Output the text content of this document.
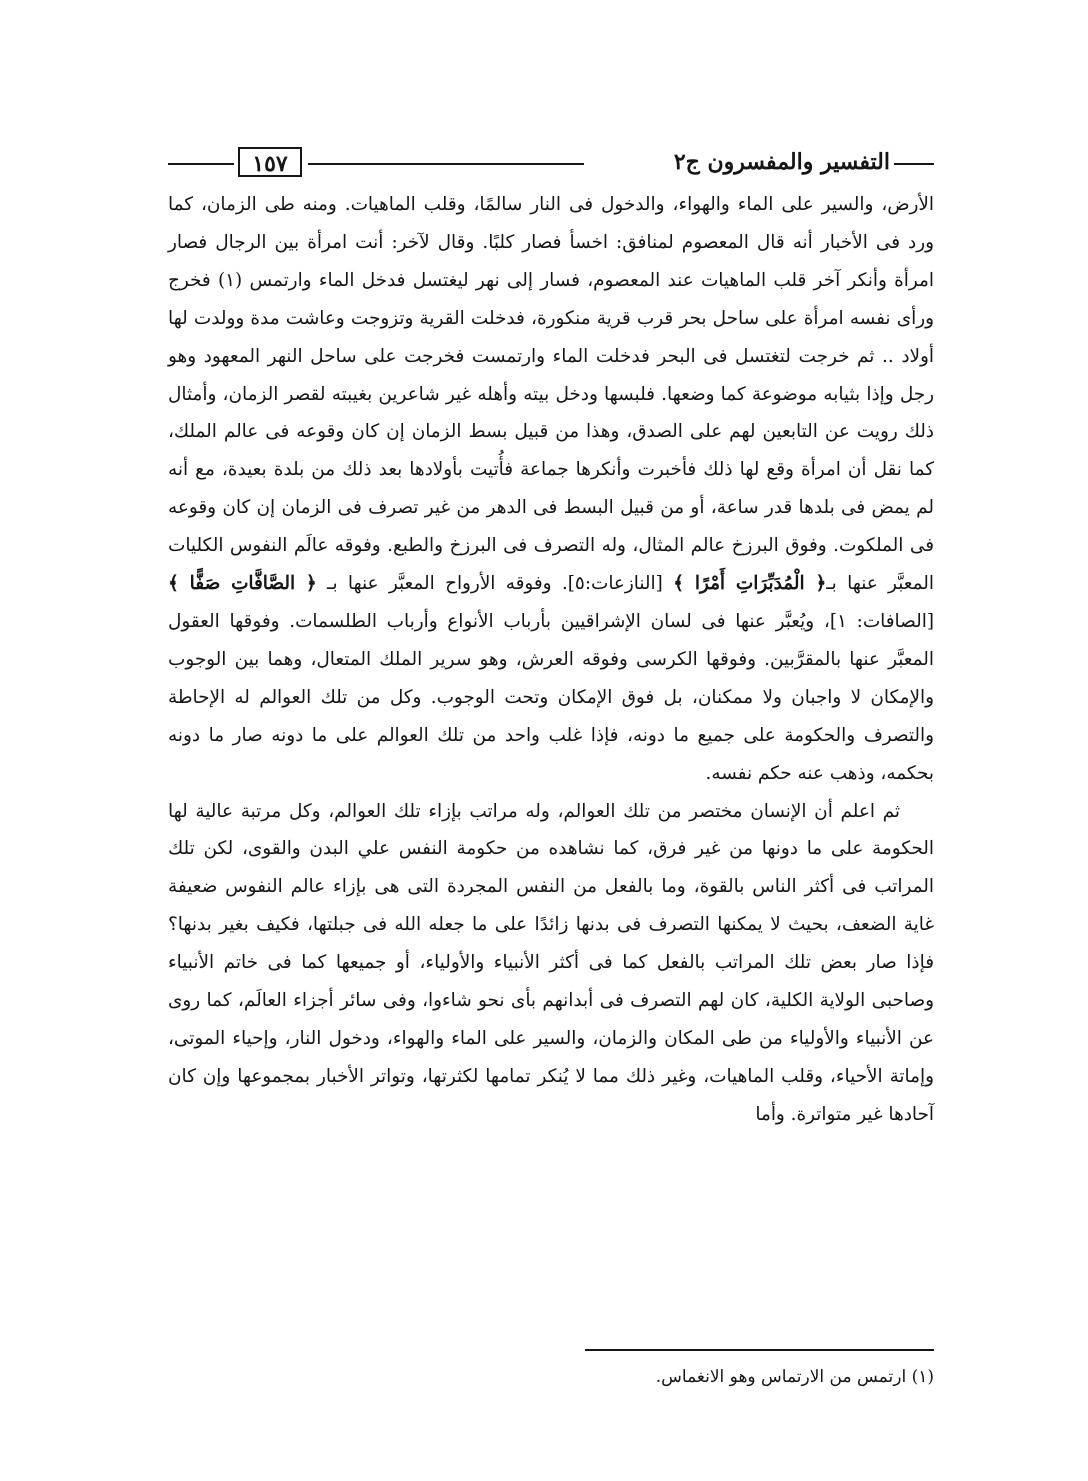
التفسير والمفسرون ج٢
١٥٧

الأرض، والسير على الماء والهواء، والدخول فى النار سالمًا، وقلب الماهيات. ومنه طى الزمان، كما ورد فى الأخبار أنه قال المعصوم لمنافق: اخسأ فصار كلبًا. وقال لآخر: أنت امرأة بين الرجال فصار امرأة وأنكر آخر قلب الماهيات عند المعصوم، فسار إلى نهر ليغتسل فدخل الماء وارتمس (١) فخرج ورأى نفسه امرأة على ساحل بحر قرب قرية منكورة، فدخلت القرية وتزوجت وعاشت مدة وولدت لها أولاد .. ثم خرجت لتغتسل فى البحر فدخلت الماء وارتمست فخرجت على ساحل النهر المعهود وهو رجل وإذا بثيابه موضوعة كما وضعها. فلبسها ودخل بيته وأهله غير شاعرين بغيبته لقصر الزمان، وأمثال ذلك رويت عن التابعين لهم على الصدق، وهذا من قبيل بسط الزمان إن كان وقوعه فى عالم الملك، كما نقل أن امرأة وقع لها ذلك فأخبرت وأنكرها جماعة فأُتيت بأولادها بعد ذلك من بلدة بعيدة، مع أنه لم يمض فى بلدها قدر ساعة، أو من قبيل البسط فى الدهر من غير تصرف فى الزمان إن كان وقوعه فى الملكوت. وفوق البرزخ عالم المثال، وله التصرف فى البرزخ والطبع. وفوقه عالَم النفوس الكليات المعبَّر عنها بـ﴿ الْمُدَبِّرَاتِ أَمْرًا ﴾ [النازعات:٥]. وفوقه الأرواح المعبَّر عنها بـ ﴿ الصَّافَّاتِ صَفًّا ﴾ [الصافات: ١]، ويُعبَّر عنها فى لسان الإشراقيين بأرباب الأنواع وأرباب الطلسمات. وفوقها العقول المعبَّر عنها بالمقرَّبين. وفوقها الكرسى وفوقه العرش، وهو سرير الملك المتعال، وهما بين الوجوب والإمكان لا واجبان ولا ممكنان، بل فوق الإمكان وتحت الوجوب. وكل من تلك العوالم له الإحاطة والتصرف والحكومة على جميع ما دونه، فإذا غلب واحد من تلك العوالم على ما دونه صار ما دونه بحكمه، وذهب عنه حكم نفسه.

ثم اعلم أن الإنسان مختصر من تلك العوالم، وله مراتب بإزاء تلك العوالم، وكل مرتبة عالية لها الحكومة على ما دونها من غير فرق، كما نشاهده من حكومة النفس علي البدن والقوى، لكن تلك المراتب فى أكثر الناس بالقوة، وما بالفعل من النفس المجردة التى هى بإزاء عالم النفوس ضعيفة غاية الضعف، بحيث لا يمكنها التصرف فى بدنها زائدًا على ما جعله الله فى جبلتها، فكيف بغير بدنها؟ فإذا صار بعض تلك المراتب بالفعل كما فى أكثر الأنبياء والأولياء، أو جميعها كما فى خاتم الأنبياء وصاحبى الولاية الكلية، كان لهم التصرف فى أبدانهم بأى نحو شاءوا، وفى سائر أجزاء العالَم، كما روى عن الأنبياء والأولياء من طى المكان والزمان، والسير على الماء والهواء، ودخول النار، وإحياء الموتى، وإماتة الأحياء، وقلب الماهيات، وغير ذلك مما لا يُنكر تمامها لكثرتها، وتواتر الأخبار بمجموعها وإن كان آحادها غير متواترة. وأما

(١) ارتمس من الارتماس وهو الانغماس.
